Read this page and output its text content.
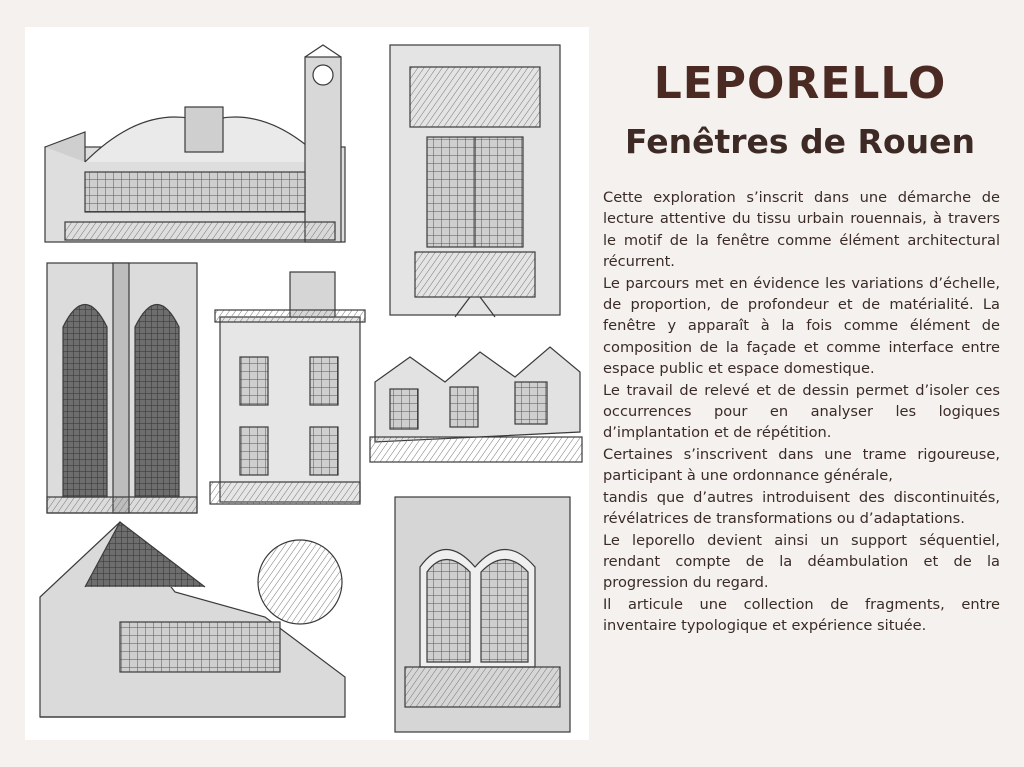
LEPORELLO
Fenêtres de Rouen

Cette exploration s’inscrit dans une démarche de lecture attentive du tissu urbain rouennais, à travers le motif de la fenêtre comme élément architectural récurrent.

Le parcours met en évidence les variations d’échelle, de proportion, de profondeur et de matérialité. La fenêtre y apparaît à la fois comme élément de composition de la façade et comme interface entre espace public et espace domestique.

Le travail de relevé et de dessin permet d’isoler ces occurrences pour en analyser les logiques d’implantation et de répétition.

Certaines s’inscrivent dans une trame rigoureuse, participant à une ordonnance générale,

tandis que d’autres introduisent des discontinuités, révélatrices de transformations ou d’adaptations.

Le leporello devient ainsi un support séquentiel, rendant compte de la déambulation et de la progression du regard.

Il articule une collection de fragments, entre inventaire typologique et expérience située.
